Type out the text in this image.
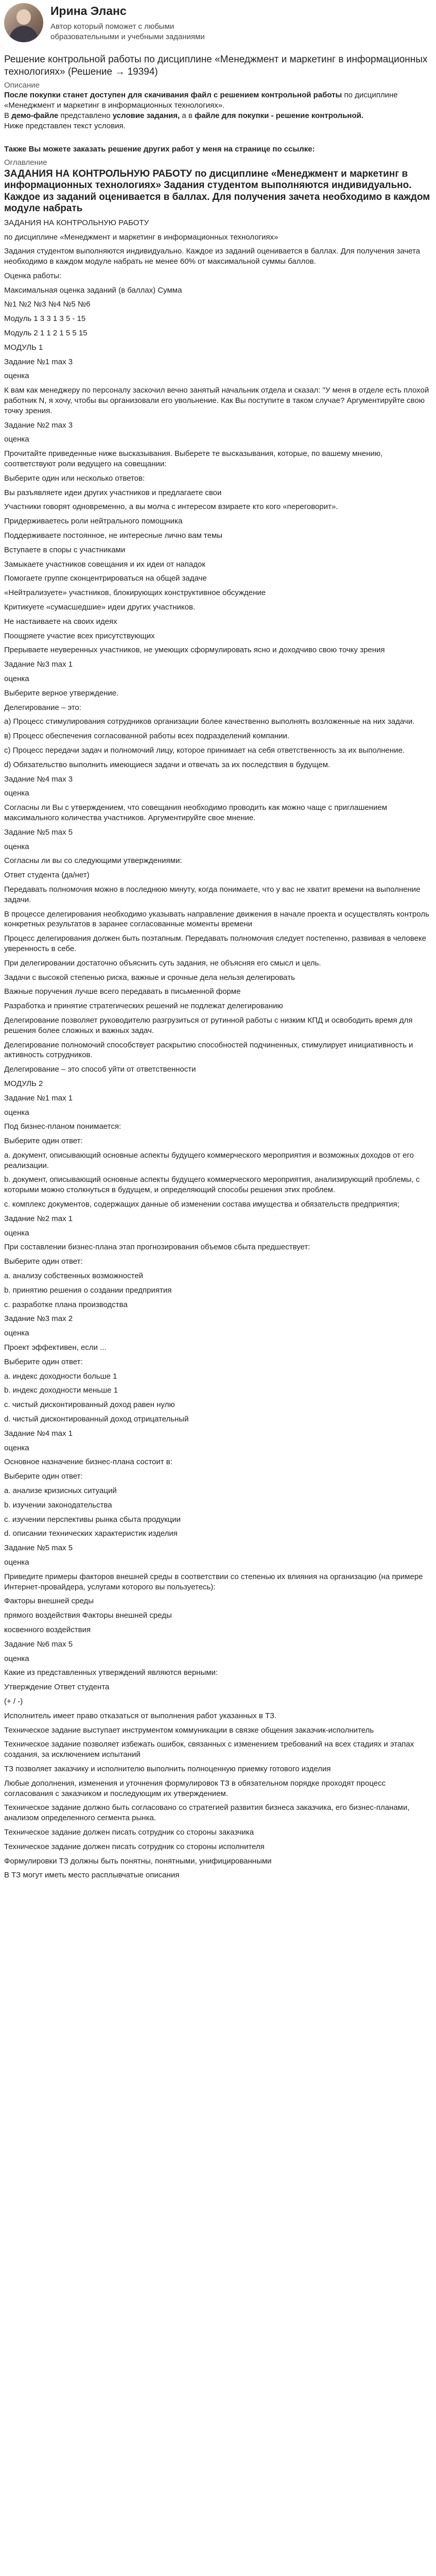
Ирина Эланс
Автор который поможет с любыми образовательными и учебными заданиями
Решение контрольной работы по дисциплине «Менеджмент и маркетинг в информационных технологиях» (Решение → 19394)
Описание
После покупки станет доступен для скачивания файл с решением контрольной работы по дисциплине «Менеджмент и маркетинг в информационных технологиях».
В демо-файле представлено условие задания, а в файле для покупки - решение контрольной.
Ниже представлен текст условия.
Также Вы можете заказать решение других работ у меня на странице по ссылке:
Оглавление
ЗАДАНИЯ НА КОНТРОЛЬНУЮ РАБОТУ по дисциплине «Менеджмент и маркетинг в информационных технологиях» Задания студентом выполняются индивидуально. Каждое из заданий оценивается в баллах. Для получения зачета необходимо в каждом модуле набрать

ЗАДАНИЯ НА КОНТРОЛЬНУЮ РАБОТУ

по дисциплине «Менеджмент и маркетинг в информационных технологиях»

Задания студентом выполняются индивидуально. Каждое из заданий оценивается в баллах. Для получения зачета необходимо в каждом модуле набрать не менее 60% от максимальной суммы баллов.

Оценка работы:

Максимальная оценка заданий (в баллах) Сумма

№1 №2 №3 №4 №5 №6

Модуль 1 3 3 1 3 5 - 15

Модуль 2 1 1 2 1 5 5 15

МОДУЛЬ 1

Задание №1 max 3

оценка

К вам как менеджеру по персоналу заскочил вечно занятый начальник отдела и сказал: "У меня в отделе есть плохой работник N, я хочу, чтобы вы организовали его увольнение. Как Вы поступите в таком случае? Аргументируйте свою точку зрения.

Задание №2 max 3

оценка

Прочитайте приведенные ниже высказывания. Выберете те высказывания, которые, по вашему мнению, соответствуют роли ведущего на совещании:

Выберите один или несколько ответов:

Вы разъявляете идеи других участников и предлагаете свои

Участники говорят одновременно, а вы молча с интересом взираете кто кого «переговорит».

Придерживаетесь роли нейтрального помощника

Поддерживаете постоянное, не интересные лично вам темы

Вступаете в споры с участниками

Замыкаете участников совещания и их идеи от нападок

Помогаете группе сконцентрироваться на общей задаче

«Нейтрализуете» участников, блокирующих конструктивное обсуждение

Критикуете «сумасшедшие» идеи других участников.

Не настаиваете на своих идеях

Поощряете участие всех присутствующих

Прерываете неуверенных участников, не умеющих сформулировать ясно и доходчиво свою точку зрения

Задание №3 max 1

оценка

Выберите верное утверждение.

Делегирование – это:

а) Процесс стимулирования сотрудников организации более качественно выполнять возложенные на них задачи.

в) Процесс обеспечения согласованной работы всех подразделений компании.

с) Процесс передачи задач и полномочий лицу, которое принимает на себя ответственность за их выполнение.

d) Обязательство выполнить имеющиеся задачи и отвечать за их последствия в будущем.

Задание №4 max 3

оценка

Согласны ли Вы с утверждением, что совещания необходимо проводить как можно чаще с приглашением максимального количества участников. Аргументируйте свое мнение.

Задание №5 max 5

оценка

Согласны ли вы со следующими утверждениями:

Ответ студента (да/нет)

Передавать полномочия можно в последнюю минуту, когда понимаете, что у вас не хватит времени на выполнение задачи.

В процессе делегирования необходимо указывать направление движения в начале проекта и осуществлять контроль конкретных результатов в заранее согласованные моменты времени

Процесс делегирования должен быть поэтапным. Передавать полномочия следует постепенно, развивая в человеке уверенность в себе.

При делегировании достаточно объяснить суть задания, не объясняя его смысл и цель.

Задачи с высокой степенью риска, важные и срочные дела нельзя делегировать

Важные поручения лучше всего передавать в письменной форме

Разработка и принятие стратегических решений не подлежат делегированию

Делегирование позволяет руководителю разгрузиться от рутинной работы с низким КПД и освободить время для решения более сложных и важных задач.

Делегирование полномочий способствует раскрытию способностей подчиненных, стимулирует инициативность и активность сотрудников.

Делегирование – это способ уйти от ответственности

МОДУЛЬ 2

Задание №1 max 1

оценка

Под бизнес-планом понимается:

Выберите один ответ:

а. документ, описывающий основные аспекты будущего коммерческого мероприятия и возможных доходов от его реализации.

b. документ, описывающий основные аспекты будущего коммерческого мероприятия, анализирующий проблемы, с которыми можно столкнуться в будущем, и определяющий способы решения этих проблем.

c. комплекс документов, содержащих данные об изменении состава имущества и обязательств предприятия;

Задание №2 max 1

оценка

При составлении бизнес-плана этап прогнозирования объемов сбыта предшествует:

Выберите один ответ:

a. анализу собственных возможностей

b. принятию решения о создании предприятия

c. разработке плана производства

Задание №3 max 2

оценка

Проект эффективен, если ...

Выберите один ответ:

a. индекс доходности больше 1

b. индекс доходности меньше 1

c. чистый дисконтированный доход равен нулю

d. чистый дисконтированный доход отрицательный

Задание №4 max 1

оценка

Основное назначение бизнес-плана состоит в:

Выберите один ответ:

a. анализе кризисных ситуаций

b. изучении законодательства

c. изучении перспективы рынка сбыта продукции

d. описании технических характеристик изделия

Задание №5 max 5

оценка

Приведите примеры факторов внешней среды в соответствии со степенью их влияния на организацию (на примере Интернет-провайдера, услугами которого вы пользуетесь):

Факторы внешней среды

прямого воздействия Факторы внешней среды

косвенного воздействия

Задание №6 max 5

оценка

Какие из представленных утверждений являются верными:

Утверждение Ответ студента

(+ / -)

Исполнитель имеет право отказаться от выполнения работ указанных в ТЗ.

Техническое задание выступает инструментом коммуникации в связке общения заказчик-исполнитель

Техническое задание позволяет избежать ошибок, связанных с изменением требований на всех стадиях и этапах создания, за исключением испытаний

ТЗ позволяет заказчику и исполнителю выполнить полноценную приемку готового изделия

Любые дополнения, изменения и уточнения формулировок ТЗ в обязательном порядке проходят процесс согласования с заказчиком и последующим их утверждением.

Техническое задание должно быть согласовано со стратегией развития бизнеса заказчика, его бизнес-планами, анализом определенного сегмента рынка.

Техническое задание должен писать сотрудник со стороны заказчика

Техническое задание должен писать сотрудник со стороны исполнителя

Формулировки ТЗ должны быть понятны, понятными, унифицированными

В ТЗ могут иметь место расплывчатые описания
